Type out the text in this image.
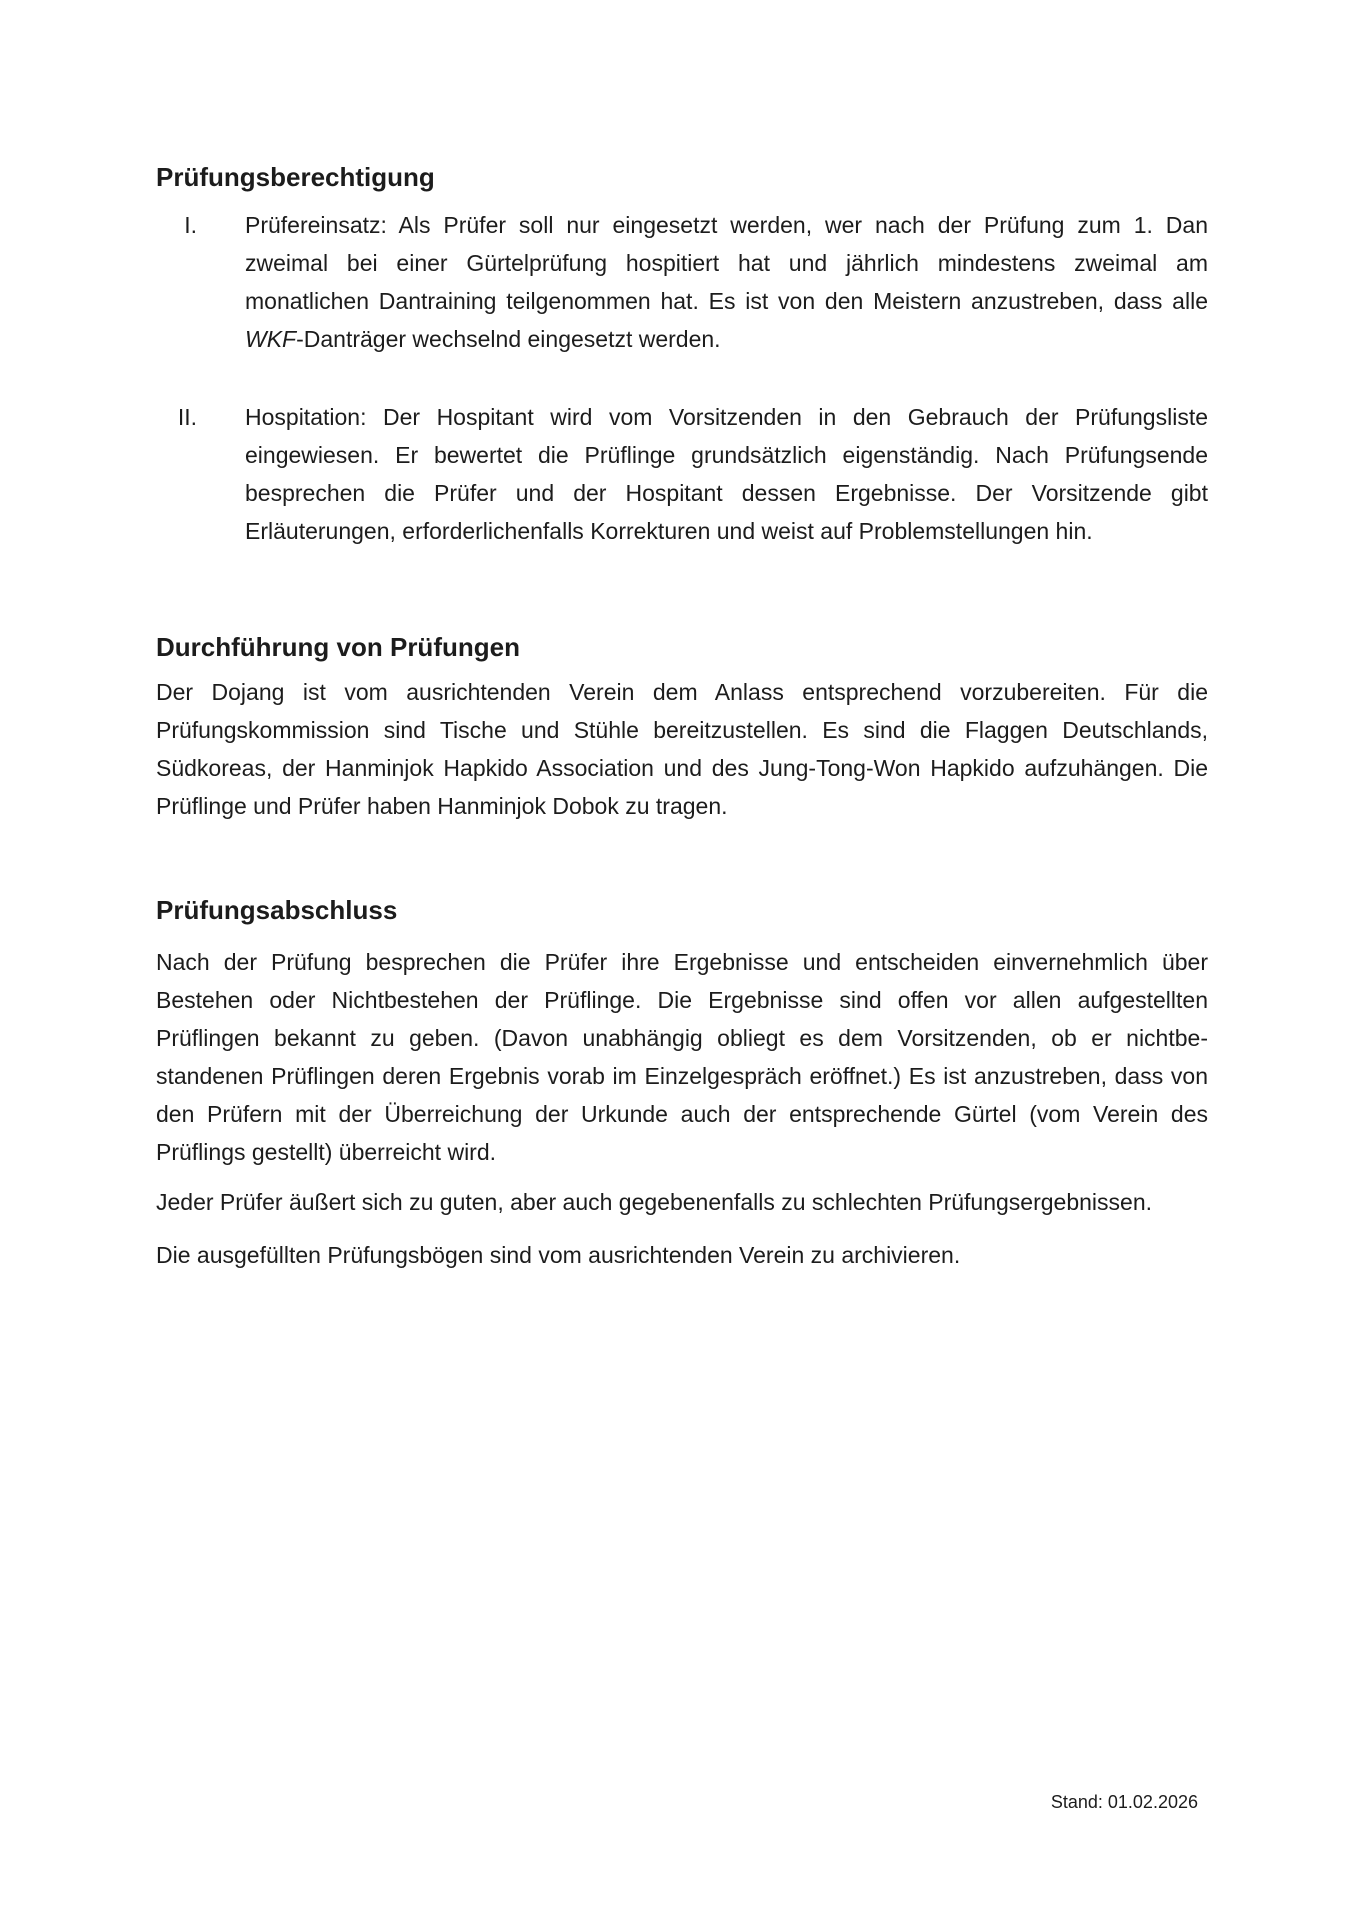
Prüfungsberechtigung
I. Prüfereinsatz: Als Prüfer soll nur eingesetzt werden, wer nach der Prüfung zum 1. Dan zweimal bei einer Gürtelprüfung hospitiert hat und jährlich mindestens zweimal am monatlichen Dantraining teilgenommen hat. Es ist von den Meistern anzustreben, dass alle WKF-Danträger wechselnd eingesetzt werden.
II. Hospitation: Der Hospitant wird vom Vorsitzenden in den Gebrauch der Prüfungsliste eingewiesen. Er bewertet die Prüflinge grundsätzlich eigenständig. Nach Prüfungsende besprechen die Prüfer und der Hospitant dessen Ergebnisse. Der Vorsitzende gibt Erläuterungen, erforderlichenfalls Korrekturen und weist auf Problemstellungen hin.
Durchführung von Prüfungen

Der Dojang ist vom ausrichtenden Verein dem Anlass entsprechend vorzubereiten. Für die Prüfungskommission sind Tische und Stühle bereitzustellen. Es sind die Flaggen Deutschlands, Südkoreas, der Hanminjok Hapkido Association und des Jung-Tong-Won Hapkido aufzuhängen. Die Prüflinge und Prüfer haben Hanminjok Dobok zu tragen.

Prüfungsabschluss

Nach der Prüfung besprechen die Prüfer ihre Ergebnisse und entscheiden einvernehmlich über Bestehen oder Nichtbestehen der Prüflinge. Die Ergebnisse sind offen vor allen aufgestellten Prüflingen bekannt zu geben. (Davon unabhängig obliegt es dem Vorsitzenden, ob er nichtbestandenen Prüflingen deren Ergebnis vorab im Einzelgespräch eröffnet.) Es ist anzustreben, dass von den Prüfern mit der Überreichung der Urkunde auch der entsprechende Gürtel (vom Verein des Prüflings gestellt) überreicht wird.

Jeder Prüfer äußert sich zu guten, aber auch gegebenenfalls zu schlechten Prüfungsergebnissen.

Die ausgefüllten Prüfungsbögen sind vom ausrichtenden Verein zu archivieren.

Stand: 01.02.2026
